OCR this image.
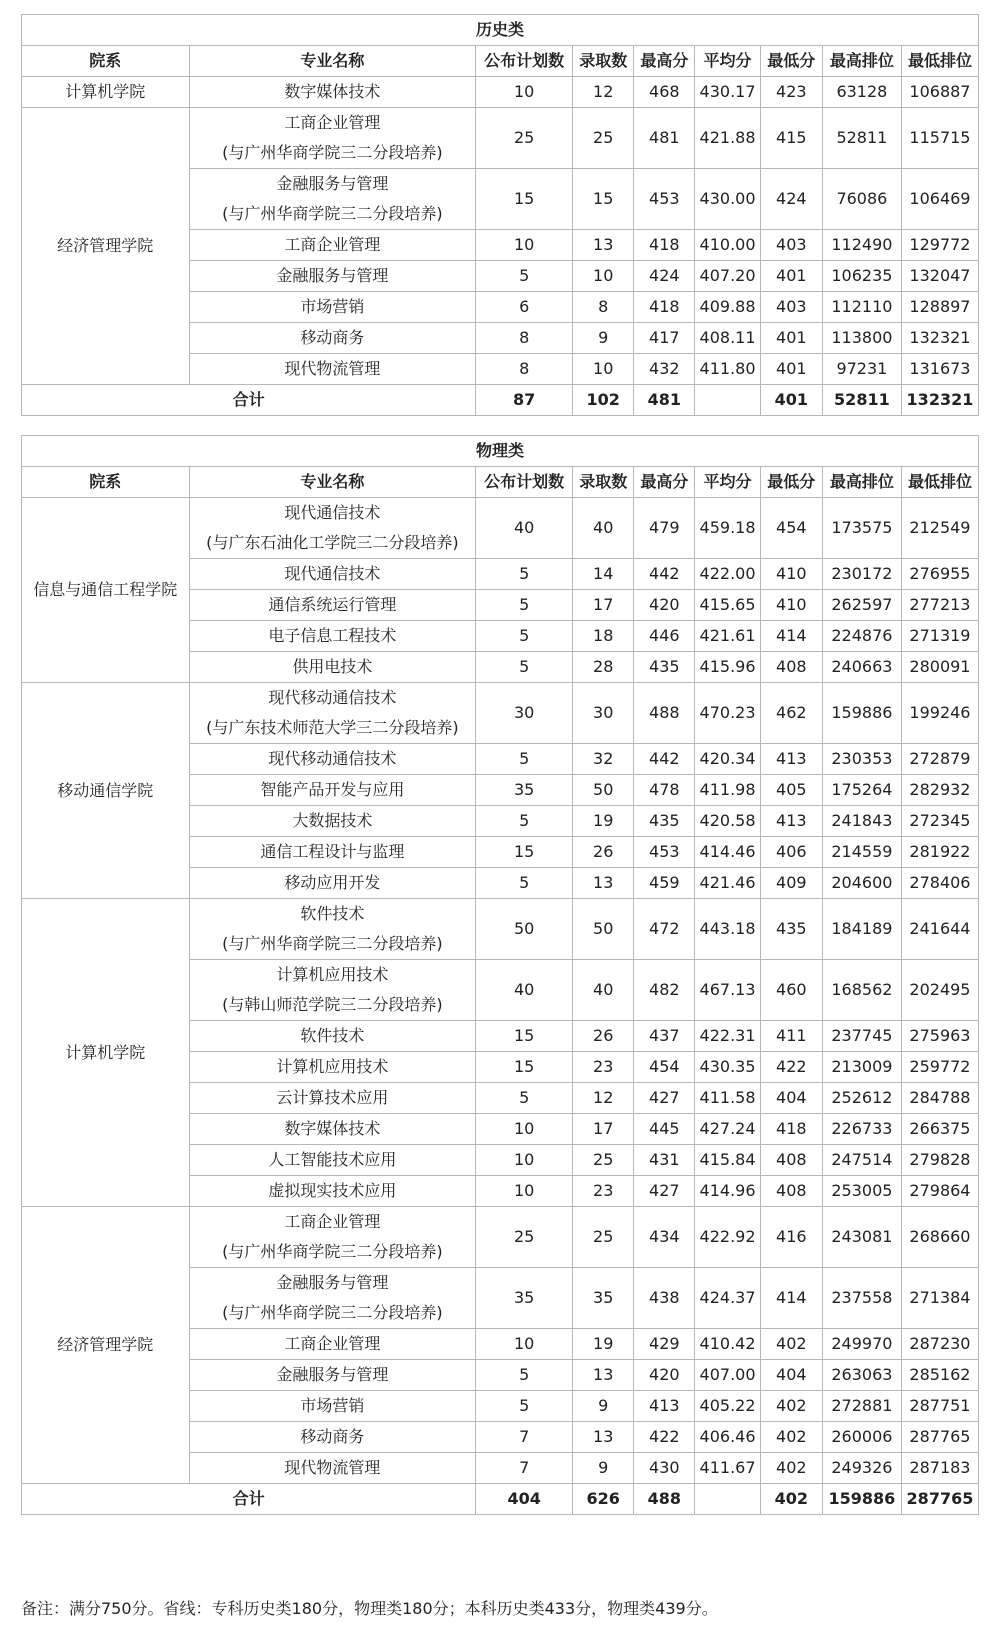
历史类								
院系	专业名称	公布计划数	录取数	最高分	平均分	最低分	最高排位	最低排位
计算机学院	数字媒体技术	10	12	468	430.17	423	63128	106887
经济管理学院	工商企业管理
(与广州华商学院三二分段培养)	25	25	481	421.88	415	52811	115715

	金融服务与管理
(与广州华商学院三二分段培养)	15	15	453	430.00	424	76086	106469

	工商企业管理	10	13	418	410.00	403	112490	129772

	金融服务与管理	5	10	424	407.20	401	106235	132047

	市场营销	6	8	418	409.88	403	112110	128897

	移动商务	8	9	417	408.11	401	113800	132321

	现代物流管理	8	10	432	411.80	401	97231	131673
合计		87	102	481		401	52811	132321
物理类								
院系	专业名称	公布计划数	录取数	最高分	平均分	最低分	最高排位	最低排位
信息与通信工程学院	现代通信技术
(与广东石油化工学院三二分段培养)	40	40	479	459.18	454	173575	212549

	现代通信技术	5	14	442	422.00	410	230172	276955

	通信系统运行管理	5	17	420	415.65	410	262597	277213

	电子信息工程技术	5	18	446	421.61	414	224876	271319

	供用电技术	5	28	435	415.96	408	240663	280091
移动通信学院	现代移动通信技术
(与广东技术师范大学三二分段培养)	30	30	488	470.23	462	159886	199246

	现代移动通信技术	5	32	442	420.34	413	230353	272879

	智能产品开发与应用	35	50	478	411.98	405	175264	282932

	大数据技术	5	19	435	420.58	413	241843	272345

	通信工程设计与监理	15	26	453	414.46	406	214559	281922

	移动应用开发	5	13	459	421.46	409	204600	278406
计算机学院	软件技术
(与广州华商学院三二分段培养)	50	50	472	443.18	435	184189	241644

	计算机应用技术
(与韩山师范学院三二分段培养)	40	40	482	467.13	460	168562	202495

	软件技术	15	26	437	422.31	411	237745	275963

	计算机应用技术	15	23	454	430.35	422	213009	259772

	云计算技术应用	5	12	427	411.58	404	252612	284788

	数字媒体技术	10	17	445	427.24	418	226733	266375

	人工智能技术应用	10	25	431	415.84	408	247514	279828

	虚拟现实技术应用	10	23	427	414.96	408	253005	279864
经济管理学院	工商企业管理
(与广州华商学院三二分段培养)	25	25	434	422.92	416	243081	268660

	金融服务与管理
(与广州华商学院三二分段培养)	35	35	438	424.37	414	237558	271384

	工商企业管理	10	19	429	410.42	402	249970	287230

	金融服务与管理	5	13	420	407.00	404	263063	285162

	市场营销	5	9	413	405.22	402	272881	287751

	移动商务	7	13	422	406.46	402	260006	287765

	现代物流管理	7	9	430	411.67	402	249326	287183
合计		404	626	488		402	159886	287765
备注：满分750分。省线：专科历史类180分，物理类180分；本科历史类433分，物理类439分。
